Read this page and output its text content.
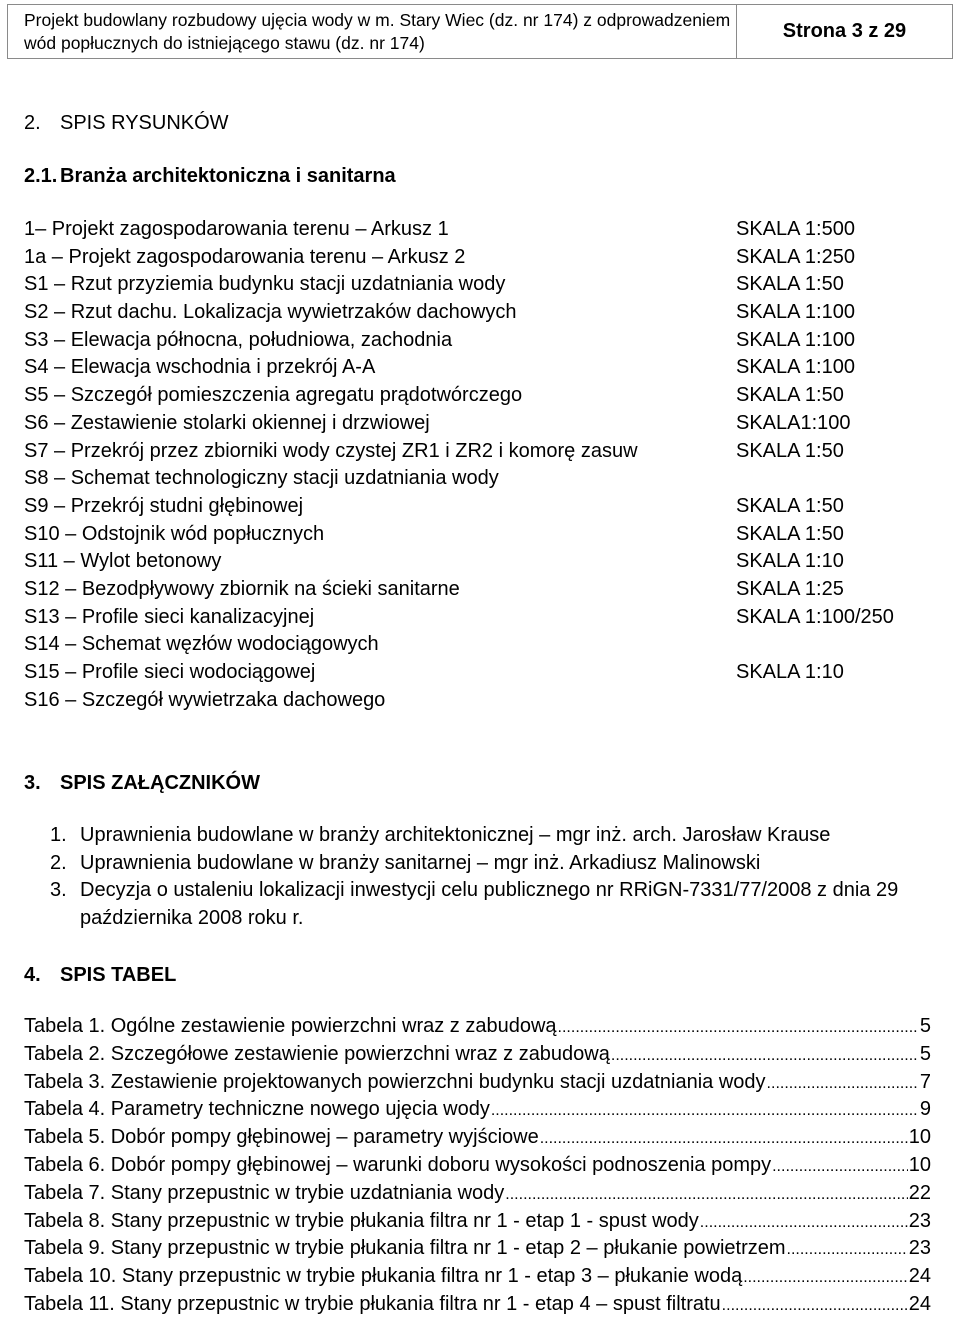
Projekt budowlany rozbudowy ujęcia wody w m. Stary Wiec (dz. nr 174) z odprowadzeniem
wód popłucznych do istniejącego stawu (dz. nr 174)
Strona 3 z 29
2. SPIS RYSUNKÓW
2.1. Branża architektoniczna i sanitarna
1– Projekt zagospodarowania terenu – Arkusz 1	SKALA 1:500
1a – Projekt zagospodarowania terenu – Arkusz 2	SKALA 1:250
S1 – Rzut przyziemia budynku stacji uzdatniania wody	SKALA 1:50
S2 – Rzut dachu. Lokalizacja wywietrzaków dachowych	SKALA 1:100
S3 – Elewacja północna, południowa, zachodnia	SKALA 1:100
S4 – Elewacja wschodnia i przekrój A-A	SKALA 1:100
S5 – Szczegół pomieszczenia agregatu prądotwórczego	SKALA 1:50
S6 – Zestawienie stolarki okiennej i drzwiowej	SKALA1:100
S7 – Przekrój przez zbiorniki wody czystej ZR1 i ZR2 i komorę zasuw	SKALA 1:50
S8 – Schemat technologiczny stacji uzdatniania wody
S9 – Przekrój studni głębinowej	SKALA 1:50
S10 – Odstojnik wód popłucznych	SKALA 1:50
S11 – Wylot betonowy	SKALA 1:10
S12 – Bezodpływowy zbiornik na ścieki sanitarne	SKALA 1:25
S13 – Profile sieci kanalizacyjnej	SKALA 1:100/250
S14 – Schemat węzłów wodociągowych
S15 – Profile sieci wodociągowej	SKALA 1:10
S16 – Szczegół wywietrzaka dachowego
3. SPIS ZAŁĄCZNIKÓW
1. Uprawnienia budowlane w branży architektonicznej – mgr inż. arch. Jarosław Krause
2. Uprawnienia budowlane w branży sanitarnej – mgr inż. Arkadiusz Malinowski
3. Decyzja o ustaleniu lokalizacji inwestycji celu publicznego nr RRiGN-7331/77/2008 z dnia 29 października 2008 roku r.
4. SPIS TABEL
Tabela 1. Ogólne zestawienie powierzchni wraz z zabudową .....	5
Tabela 2. Szczegółowe zestawienie powierzchni wraz z zabudową .....	5
Tabela 3. Zestawienie projektowanych powierzchni budynku stacji uzdatniania wody .....	7
Tabela 4. Parametry techniczne nowego ujęcia wody .....	9
Tabela 5. Dobór pompy głębinowej – parametry wyjściowe .....	10
Tabela 6. Dobór pompy głębinowej – warunki doboru wysokości podnoszenia pompy .....	10
Tabela 7. Stany przepustnic w trybie uzdatniania wody .....	22
Tabela 8. Stany przepustnic w trybie płukania filtra nr 1 - etap 1 - spust wody .....	23
Tabela 9. Stany przepustnic w trybie płukania filtra nr 1 - etap 2 – płukanie powietrzem .....	23
Tabela 10. Stany przepustnic w trybie płukania filtra nr 1 - etap 3 – płukanie wodą .....	24
Tabela 11. Stany przepustnic w trybie płukania filtra nr 1 - etap 4 – spust filtratu .....	24
